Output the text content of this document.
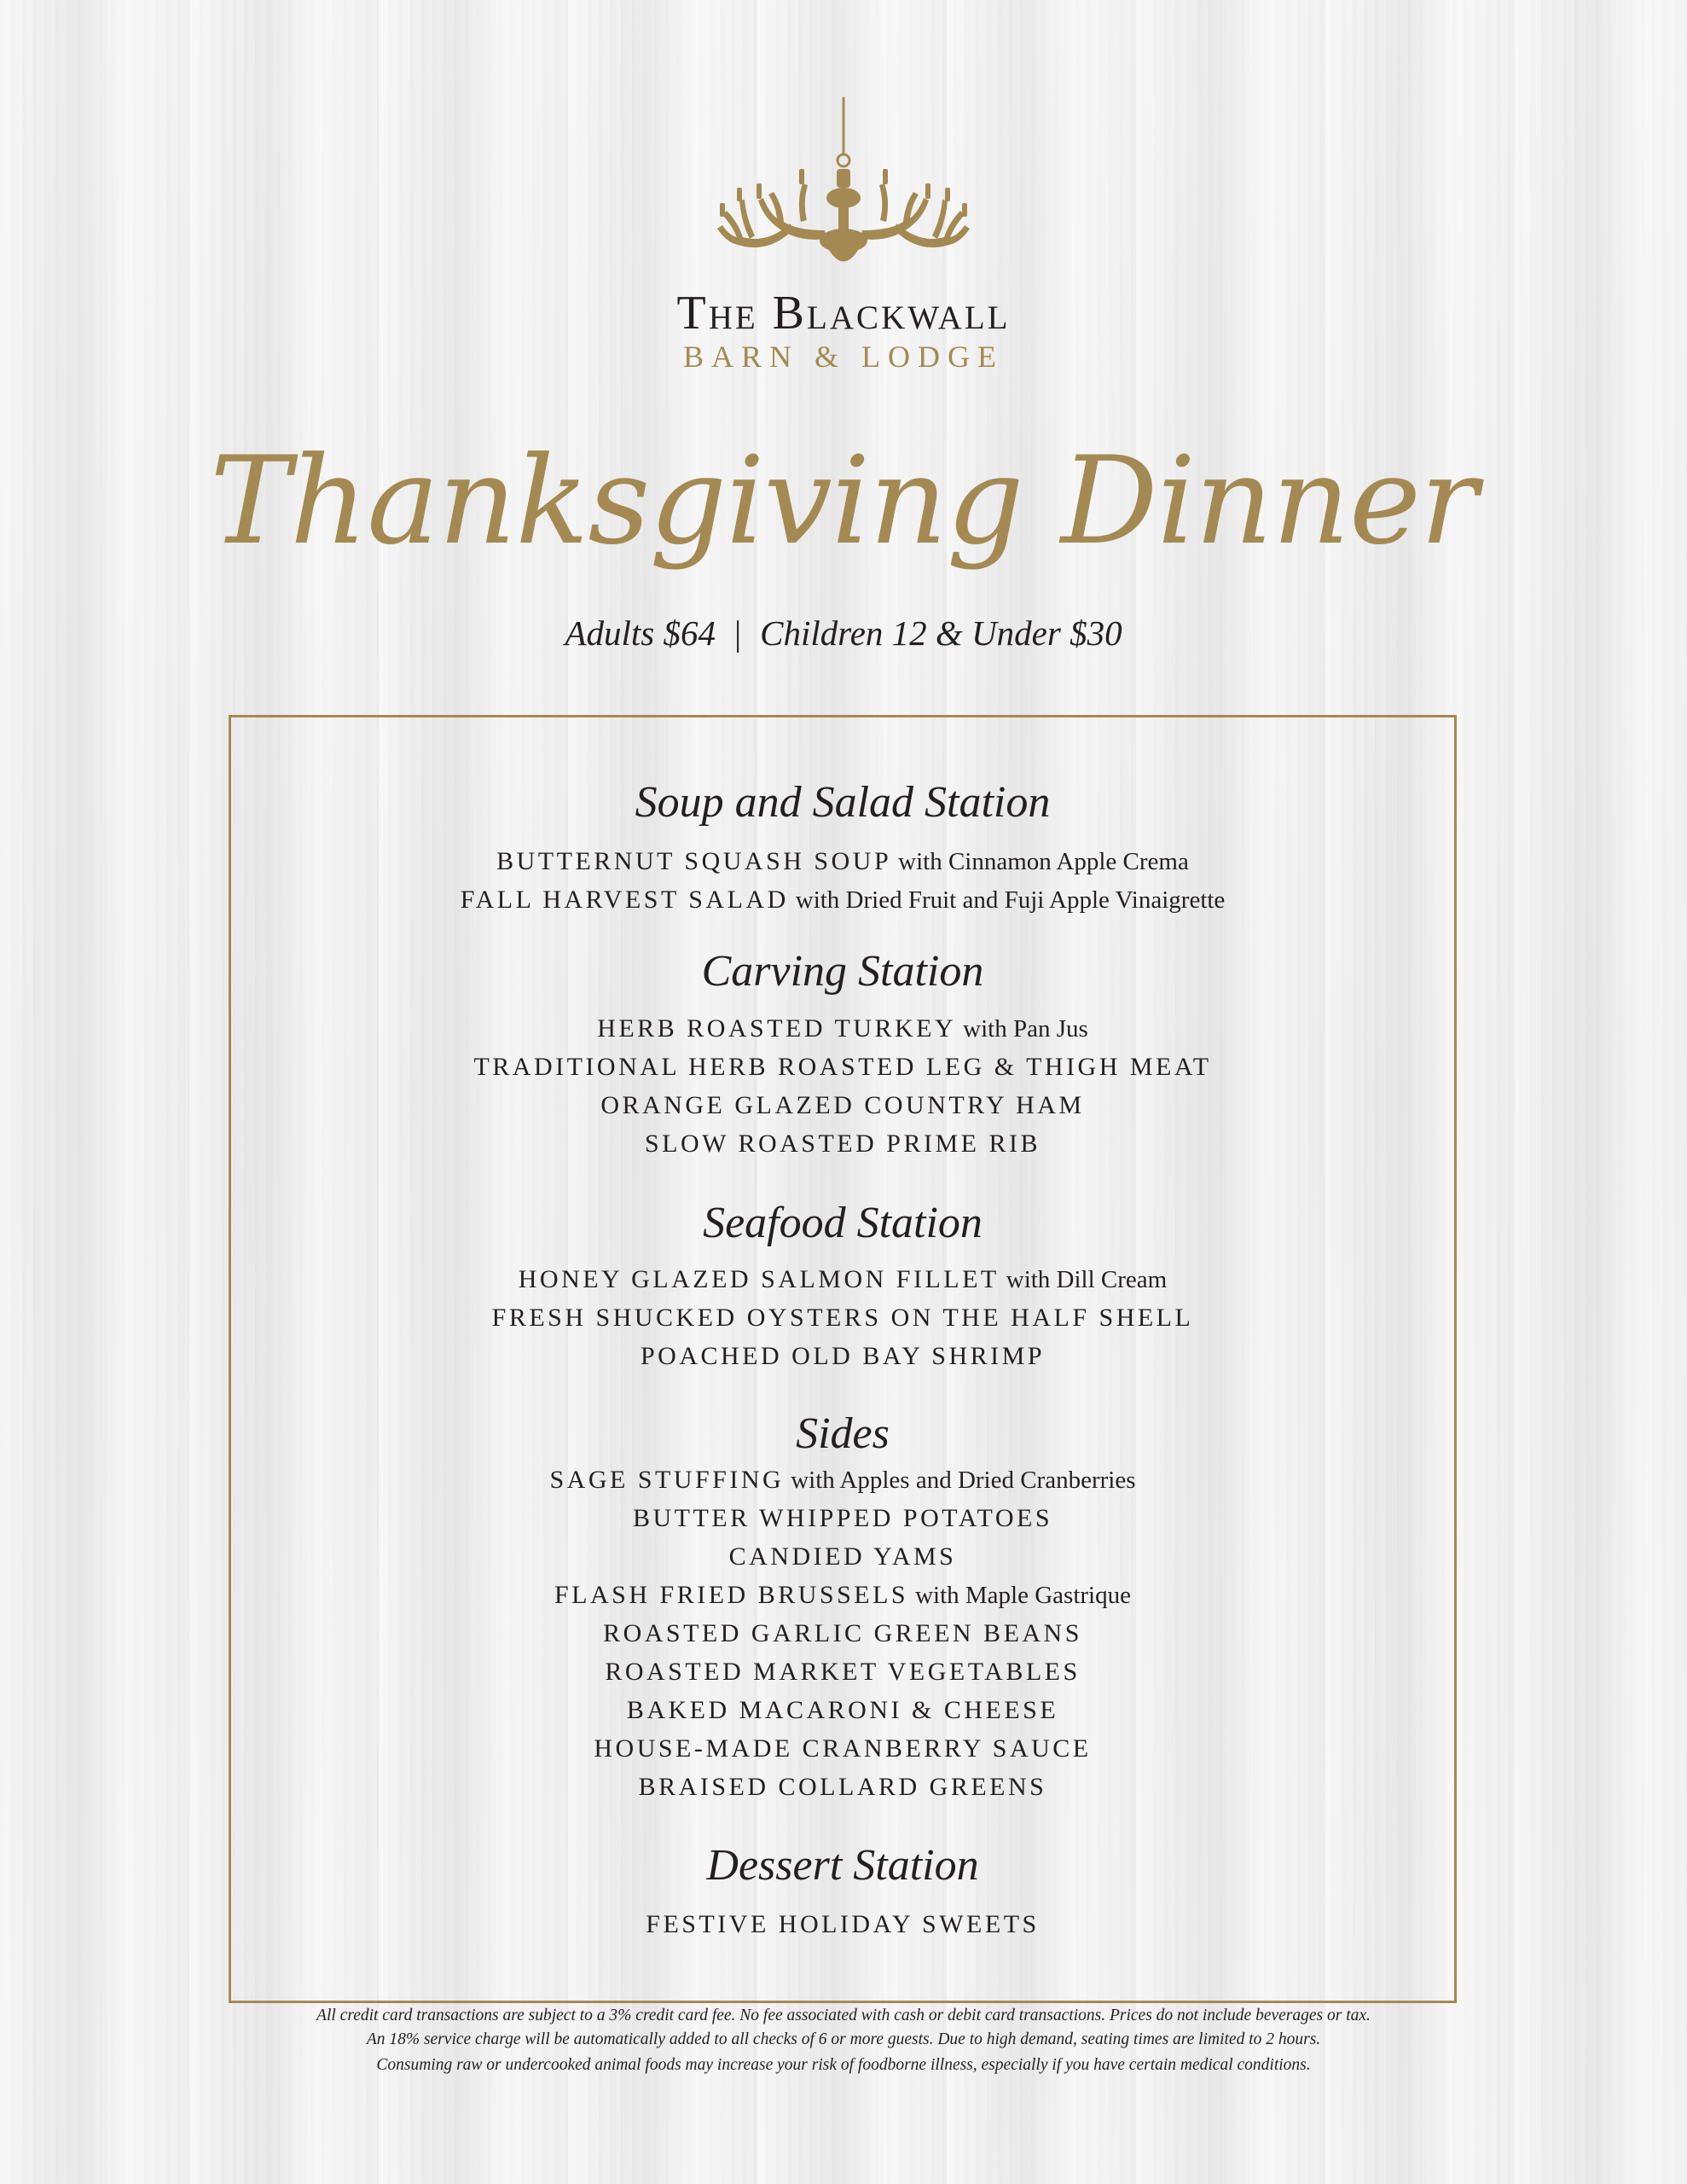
The Blackwall
BARN & LODGE
Thanksgiving Dinner
Adults $64 | Children 12 & Under $30
Soup and Salad Station
BUTTERNUT SQUASH SOUP with Cinnamon Apple Crema
FALL HARVEST SALAD with Dried Fruit and Fuji Apple Vinaigrette
Carving Station
HERB ROASTED TURKEY with Pan Jus
TRADITIONAL HERB ROASTED LEG & THIGH MEAT
ORANGE GLAZED COUNTRY HAM
SLOW ROASTED PRIME RIB
Seafood Station
HONEY GLAZED SALMON FILLET with Dill Cream
FRESH SHUCKED OYSTERS ON THE HALF SHELL
POACHED OLD BAY SHRIMP
Sides
SAGE STUFFING with Apples and Dried Cranberries
BUTTER WHIPPED POTATOES
CANDIED YAMS
FLASH FRIED BRUSSELS with Maple Gastrique
ROASTED GARLIC GREEN BEANS
ROASTED MARKET VEGETABLES
BAKED MACARONI & CHEESE
HOUSE-MADE CRANBERRY SAUCE
BRAISED COLLARD GREENS
Dessert Station
FESTIVE HOLIDAY SWEETS
All credit card transactions are subject to a 3% credit card fee. No fee associated with cash or debit card transactions. Prices do not include beverages or tax.
An 18% service charge will be automatically added to all checks of 6 or more guests. Due to high demand, seating times are limited to 2 hours.
Consuming raw or undercooked animal foods may increase your risk of foodborne illness, especially if you have certain medical conditions.
